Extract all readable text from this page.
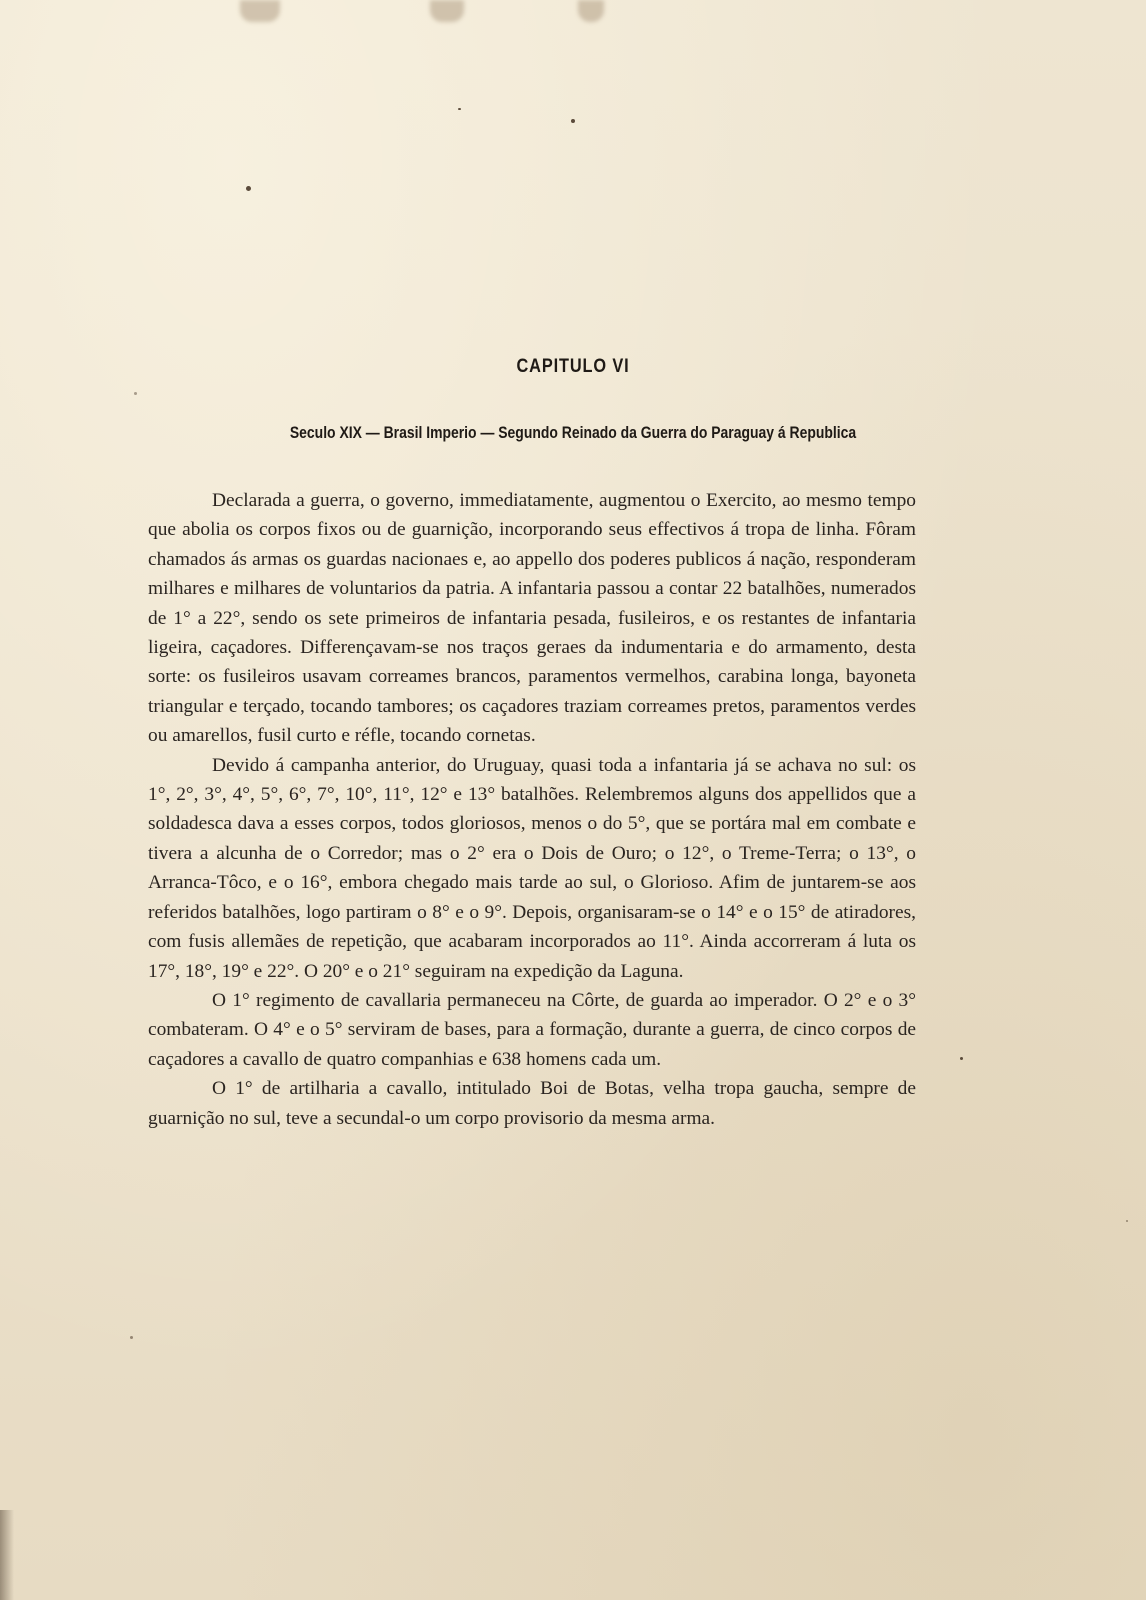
CAPITULO VI
Seculo XIX — Brasil Imperio — Segundo Reinado da Guerra do Paraguay á Republica

Declarada a guerra, o governo, immediatamente, augmentou o Exercito, ao mesmo tempo que abolia os corpos fixos ou de guarnição, incorporando seus effectivos á tropa de linha. Fôram chamados ás armas os guardas nacionaes e, ao appello dos poderes publicos á nação, responderam milhares e milhares de voluntarios da patria. A infantaria passou a contar 22 batalhões, numerados de 1° a 22°, sendo os sete primeiros de infantaria pesada, fusileiros, e os restantes de infantaria ligeira, caçadores. Differençavam-se nos traços geraes da indumentaria e do armamento, desta sorte: os fusileiros usavam correames brancos, paramentos vermelhos, carabina longa, bayoneta triangular e terçado, tocando tambores; os caçadores traziam correames pretos, paramentos verdes ou amarellos, fusil curto e réfle, tocando cornetas.

Devido á campanha anterior, do Uruguay, quasi toda a infantaria já se achava no sul: os 1°, 2°, 3°, 4°, 5°, 6°, 7°, 10°, 11°, 12° e 13° batalhões. Relembremos alguns dos appellidos que a soldadesca dava a esses corpos, todos gloriosos, menos o do 5°, que se portára mal em combate e tivera a alcunha de o Corredor; mas o 2° era o Dois de Ouro; o 12°, o Treme-Terra; o 13°, o Arranca-Tôco, e o 16°, embora chegado mais tarde ao sul, o Glorioso. Afim de juntarem-se aos referidos batalhões, logo partiram o 8° e o 9°. Depois, organisaram-se o 14° e o 15° de atiradores, com fusis allemães de repetição, que acabaram incorporados ao 11°. Ainda accorreram á luta os 17°, 18°, 19° e 22°. O 20° e o 21° seguiram na expedição da Laguna.

O 1° regimento de cavallaria permaneceu na Côrte, de guarda ao imperador. O 2° e o 3° combateram. O 4° e o 5° serviram de bases, para a formação, durante a guerra, de cinco corpos de caçadores a cavallo de quatro companhias e 638 homens cada um.

O 1° de artilharia a cavallo, intitulado Boi de Botas, velha tropa gaucha, sempre de guarnição no sul, teve a secundal-o um corpo provisorio da mesma arma.
